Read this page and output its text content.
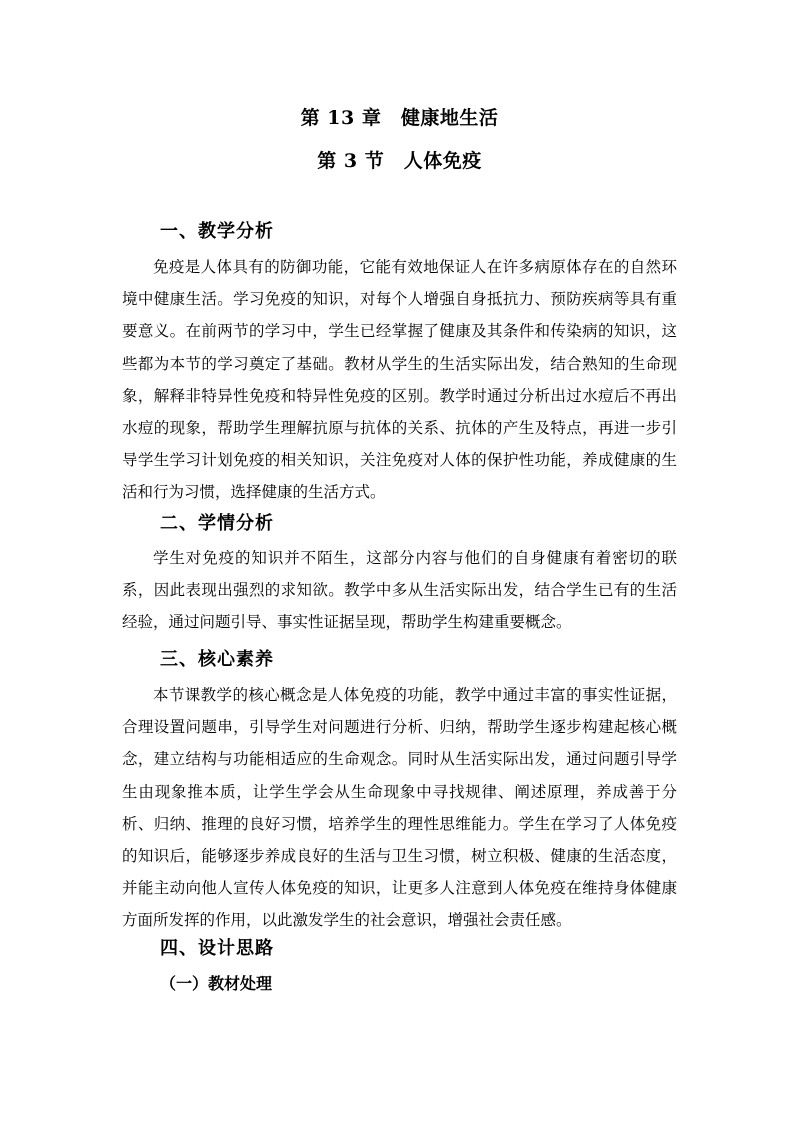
第 13 章　健康地生活
第 3 节　人体免疫
一、教学分析
免疫是人体具有的防御功能，它能有效地保证人在许多病原体存在的自然环境中健康生活。学习免疫的知识，对每个人增强自身抵抗力、预防疾病等具有重要意义。在前两节的学习中，学生已经掌握了健康及其条件和传染病的知识，这些都为本节的学习奠定了基础。教材从学生的生活实际出发，结合熟知的生命现象，解释非特异性免疫和特异性免疫的区别。教学时通过分析出过水痘后不再出水痘的现象，帮助学生理解抗原与抗体的关系、抗体的产生及特点，再进一步引导学生学习计划免疫的相关知识，关注免疫对人体的保护性功能，养成健康的生活和行为习惯，选择健康的生活方式。
二、学情分析
学生对免疫的知识并不陌生，这部分内容与他们的自身健康有着密切的联系，因此表现出强烈的求知欲。教学中多从生活实际出发，结合学生已有的生活经验，通过问题引导、事实性证据呈现，帮助学生构建重要概念。
三、核心素养
本节课教学的核心概念是人体免疫的功能，教学中通过丰富的事实性证据，合理设置问题串，引导学生对问题进行分析、归纳，帮助学生逐步构建起核心概念，建立结构与功能相适应的生命观念。同时从生活实际出发，通过问题引导学生由现象推本质，让学生学会从生命现象中寻找规律、阐述原理，养成善于分析、归纳、推理的良好习惯，培养学生的理性思维能力。学生在学习了人体免疫的知识后，能够逐步养成良好的生活与卫生习惯，树立积极、健康的生活态度，并能主动向他人宣传人体免疫的知识，让更多人注意到人体免疫在维持身体健康方面所发挥的作用，以此激发学生的社会意识，增强社会责任感。
四、设计思路
（一）教材处理
